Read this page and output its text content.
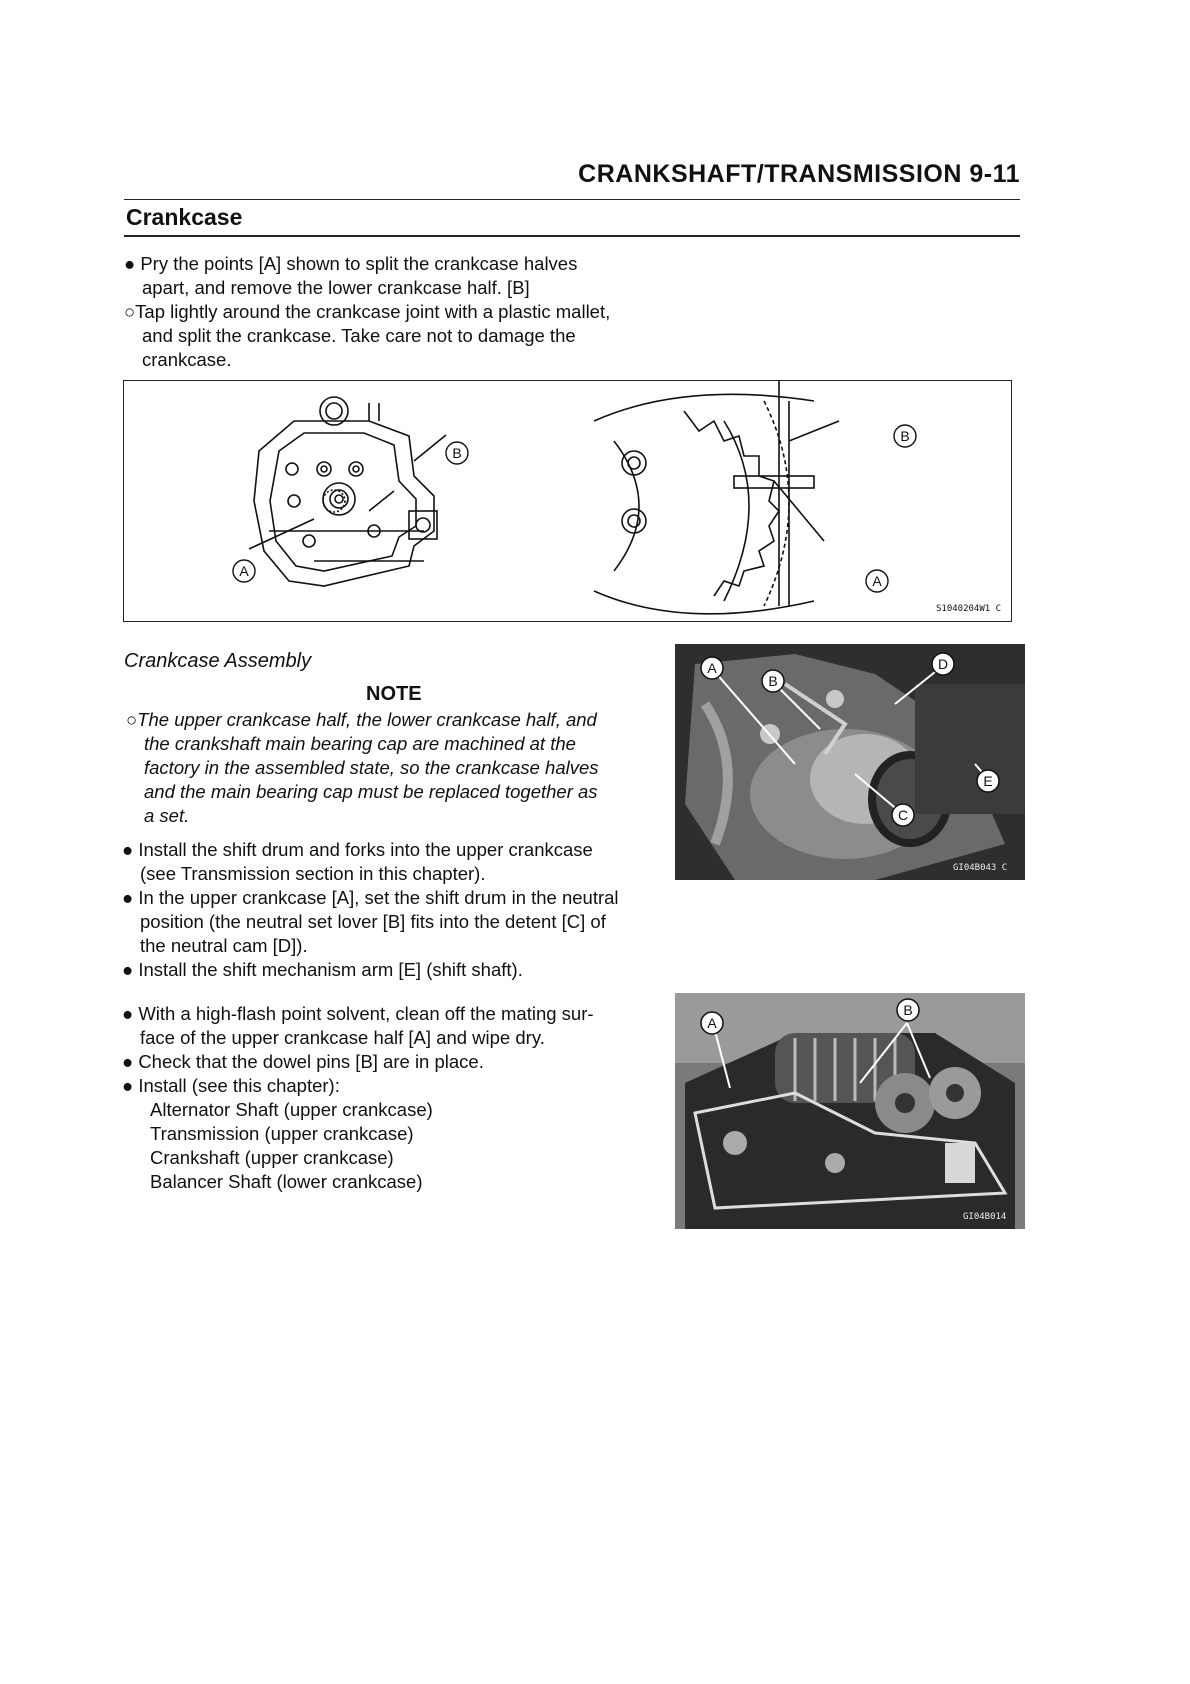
CRANKSHAFT/TRANSMISSION 9-11
Crankcase
● Pry the points [A] shown to split the crankcase halves
apart, and remove the lower crankcase half. [B]
○Tap lightly around the crankcase joint with a plastic mallet,
and split the crankcase. Take care not to damage the
crankcase.
B
A
B
A
S1040204W1 C
Crankcase Assembly
NOTE
○The upper crankcase half, the lower crankcase half, and
the crankshaft main bearing cap are machined at the
factory in the assembled state, so the crankcase halves
and the main bearing cap must be replaced together as
a set.
● Install the shift drum and forks into the upper crankcase
(see Transmission section in this chapter).
● In the upper crankcase [A], set the shift drum in the neutral
position (the neutral set lover [B] fits into the detent [C] of
the neutral cam [D]).
● Install the shift mechanism arm [E] (shift shaft).
A
B
D
E
C
GI04B043 C
● With a high-flash point solvent, clean off the mating sur-
face of the upper crankcase half [A] and wipe dry.
● Check that the dowel pins [B] are in place.
● Install (see this chapter):
Alternator Shaft (upper crankcase)
Transmission (upper crankcase)
Crankshaft (upper crankcase)
Balancer Shaft (lower crankcase)
A
B
GI04B014
